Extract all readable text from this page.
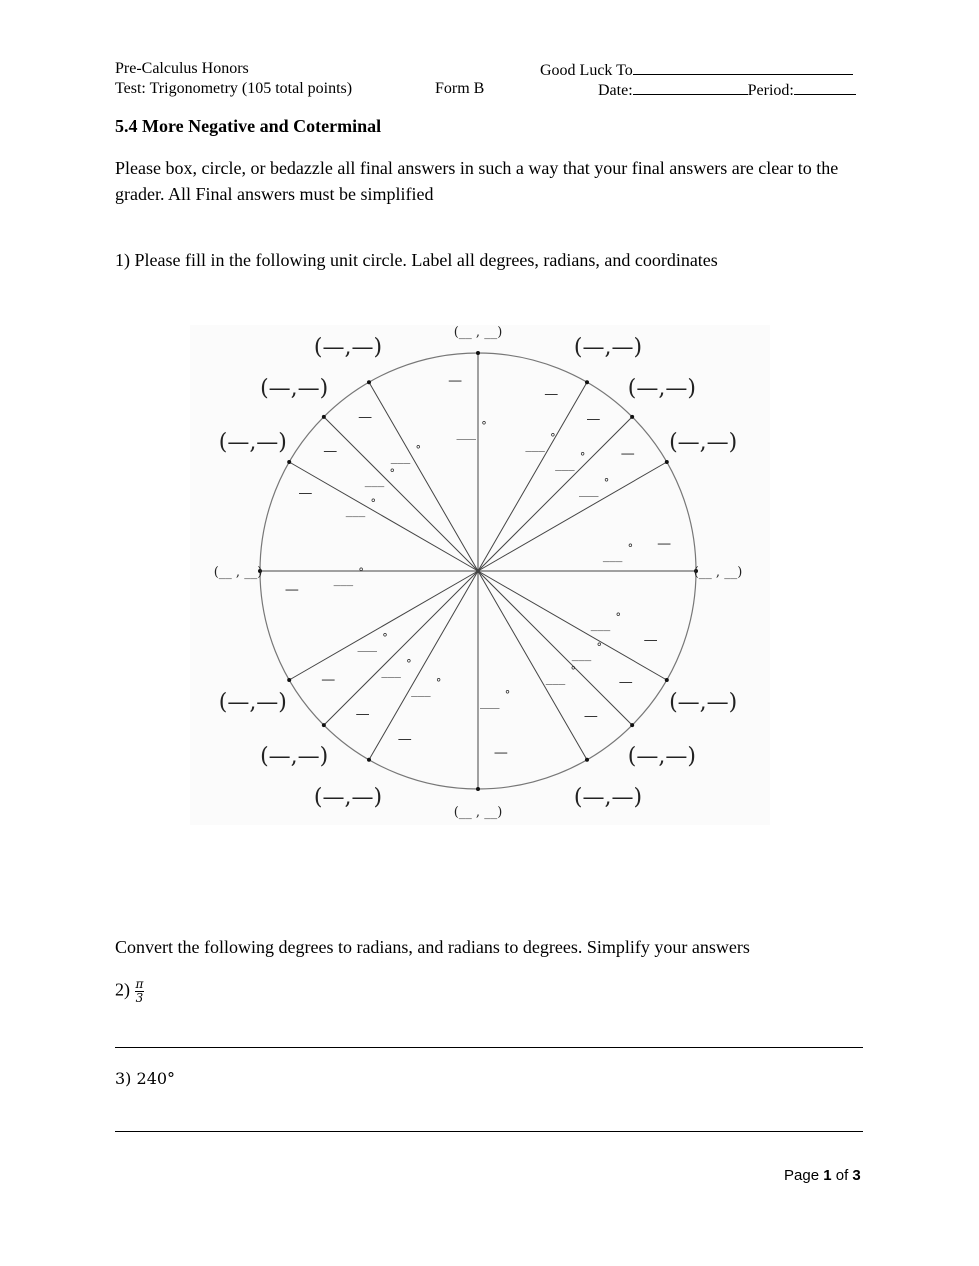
Pre-Calculus Honors	Good Luck To
Test: Trigonometry (105 total points)	Form B	Date:	Period:
5.4 More Negative and Coterminal
Please box, circle, or bedazzle all final answers in such a way that your final answers are clear to the grader. All Final answers must be simplified
1) Please fill in the following unit circle. Label all degrees, radians, and coordinates
(__ , __)
___ ° —
(—,—)
___ °
—
(—,—)
___ °
—
(—,—)
___ °
—
(__ , __)
___ °
—
(—,—)
___ °
—
(—,—)
___ °
—
(—,—)
___ °
—
(__ , __)	___ °
—
(—,—)
___ °
—
(—,—)
___ °
—
(—,—)
___ °
—
(__ , __)
___ °
—
(—,—)
___ °
—
(—,—)
___ °
—
(—,—)
___ °
—
Convert the following degrees to radians, and radians to degrees. Simplify your answers
$2) \frac{\pi}{3}$
3) 240°
Page 1 of 3
